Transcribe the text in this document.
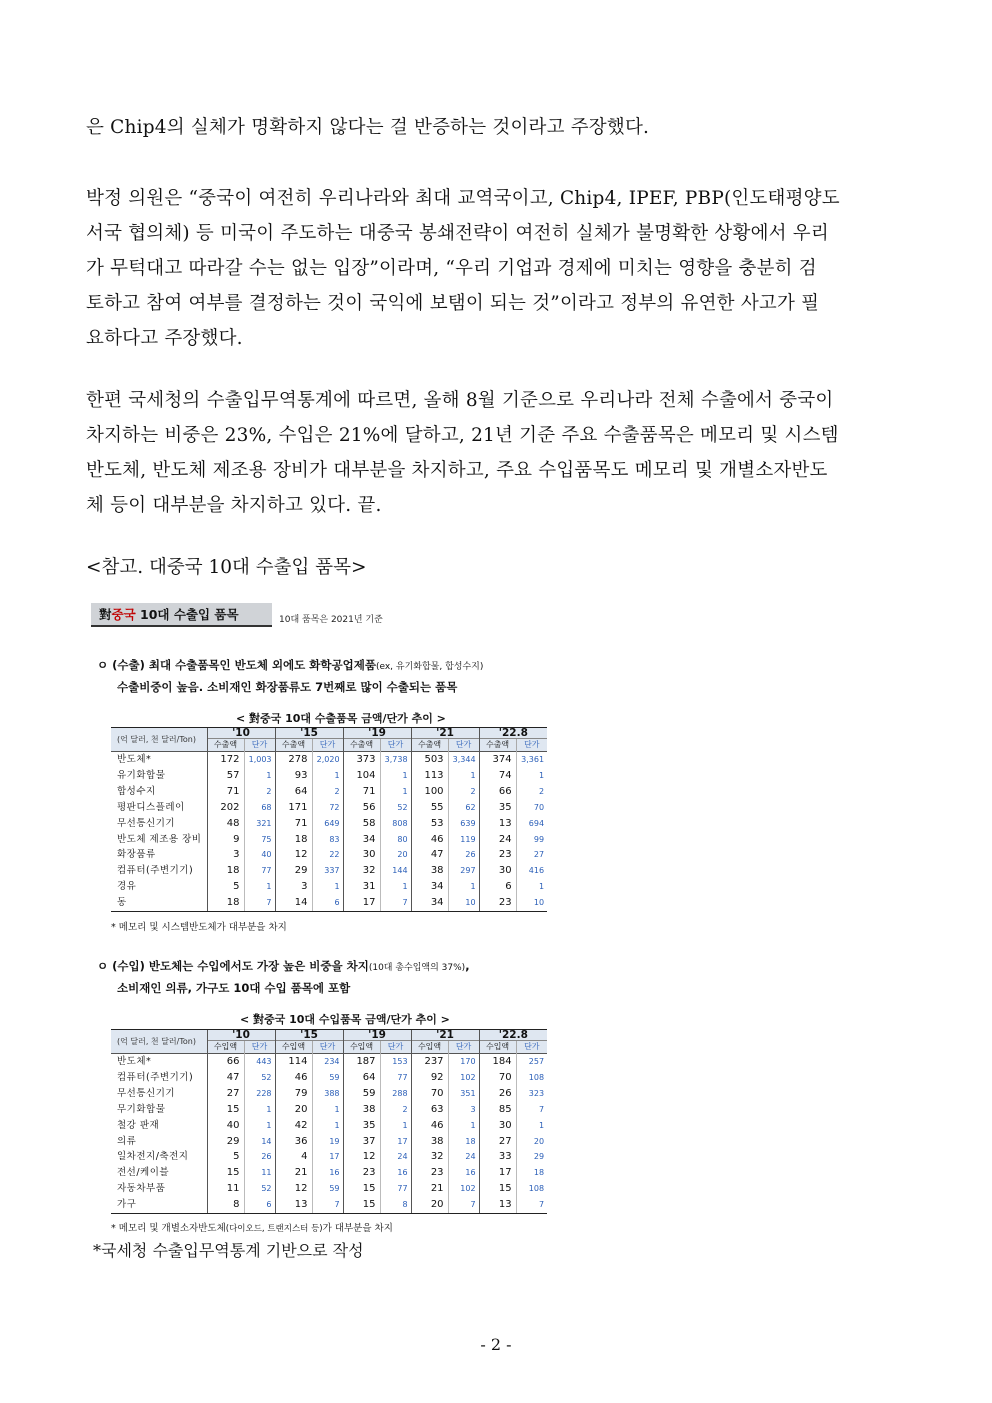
은 Chip4의 실체가 명확하지 않다는 걸 반증하는 것이라고 주장했다.
박정 의원은 “중국이 여전히 우리나라와 최대 교역국이고, Chip4, IPEF, PBP(인도태평양도
서국 협의체) 등 미국이 주도하는 대중국 봉쇄전략이 여전히 실체가 불명확한 상황에서 우리
가 무턱대고 따라갈 수는 없는 입장”이라며, “우리 기업과 경제에 미치는 영향을 충분히 검
토하고 참여 여부를 결정하는 것이 국익에 보탬이 되는 것”이라고 정부의 유연한 사고가 필
요하다고 주장했다.
한편 국세청의 수출입무역통계에 따르면, 올해 8월 기준으로 우리나라 전체 수출에서 중국이
차지하는 비중은 23%, 수입은 21%에 달하고, 21년 기준 주요 수출품목은 메모리 및 시스템
반도체, 반도체 제조용 장비가 대부분을 차지하고, 주요 수입품목도 메모리 및 개별소자반도
체 등이 대부분을 차지하고 있다. 끝.
<참고. 대중국 10대 수출입 품목>
對중국 10대 수출입 품목	10대 품목은 2021년 기준
ㅇ (수출) 최대 수출품목인 반도체 외에도 화학공업제품(ex, 유기화합물, 합성수지)
수출비중이 높음. 소비재인 화장품류도 7번째로 많이 수출되는 품목
< 對중국 10대 수출품목 금액/단가 추이 >
(억 달러, 천 달러/Ton)	'10		'15		'19		'21		'22.8	
	수출액	단가	수출액	단가	수출액	단가	수출액	단가	수출액	단가
반도체*	172	1,003	278	2,020	373	3,738	503	3,344	374	3,361
유기화합물	57	1	93	1	104	1	113	1	74	1
합성수지	71	2	64	2	71	1	100	2	66	2
평판디스플레이	202	68	171	72	56	52	55	62	35	70
무선통신기기	48	321	71	649	58	808	53	639	13	694
반도체 제조용 장비	9	75	18	83	34	80	46	119	24	99
화장품류	3	40	12	22	30	20	47	26	23	27
컴퓨터(주변기기)	18	77	29	337	32	144	38	297	30	416
경유	5	1	3	1	31	1	34	1	6	1
동	18	7	14	6	17	7	34	10	23	10
* 메모리 및 시스템반도체가 대부분을 차지
ㅇ (수입) 반도체는 수입에서도 가장 높은 비중을 차지(10대 총수입액의 37%),
소비재인 의류, 가구도 10대 수입 품목에 포함
< 對중국 10대 수입품목 금액/단가 추이 >
(억 달러, 천 달러/Ton)	'10		'15		'19		'21		'22.8	
	수입액	단가	수입액	단가	수입액	단가	수입액	단가	수입액	단가
반도체*	66	443	114	234	187	153	237	170	184	257
컴퓨터(주변기기)	47	52	46	59	64	77	92	102	70	108
무선통신기기	27	228	79	388	59	288	70	351	26	323
무기화합물	15	1	20	1	38	2	63	3	85	7
철강 판재	40	1	42	1	35	1	46	1	30	1
의류	29	14	36	19	37	17	38	18	27	20
일차전지/축전지	5	26	4	17	12	24	32	24	33	29
전선/케이블	15	11	21	16	23	16	23	16	17	18
자동차부품	11	52	12	59	15	77	21	102	15	108
가구	8	6	13	7	15	8	20	7	13	7
* 메모리 및 개별소자반도체(다이오드, 트랜지스터 등)가 대부분을 차지
*국세청 수출입무역통계 기반으로 작성
- 2 -
